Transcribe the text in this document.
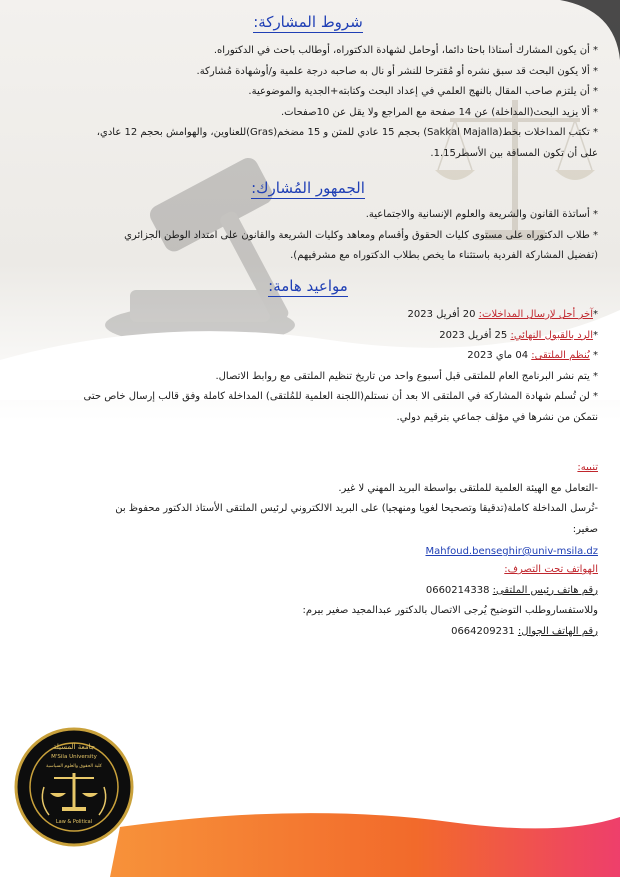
شروط المشاركة:

* أن يكون المشارك أستاذا باحثا دائما، أوحامل لشهادة الدكتوراه، أوطالب باحث في الدكتوراه.

* ألا يكون البحث قد سبق نشره أو مُقترحا للنشر أو نال به صاحبه درجة علمية و/أوشهادة مُشاركة.

* أن يلتزم صاحب المقال بالنهج العلمي في إعداد البحث وكتابته+الجدية والموضوعية.

* ألا يزيد البحث(المداخلة) عن 14 صفحة مع المراجع ولا يقل عن 10صفحات.

* تكتب المداخلات بخط(Sakkal Majalla) بحجم 15 عادي للمتن و 15 مضخم(Gras)للعناوين، والهوامش بحجم 12 عادي،

على أن تكون المسافة بين الأسطر1.15.

الجمهور المُشارك:

* أساتذة القانون والشريعة والعلوم الإنسانية والاجتماعية.

* طلاب الدكتوراه على مستوى كليات الحقوق وأقسام ومعاهد وكليات الشريعة والقانون على امتداد الوطن الجزائري

(تفضيل المشاركة الفردية باستثناء ما يخص بطلاب الدكتوراه مع مشرفيهم).

مواعيد هامة:

*آخر أجل لإرسال المداخلات: 20 أفريل 2023

*الرد بالقبول النهائي: 25 أفريل 2023

* يُنظم الملتقى: 04 ماي 2023

* يتم نشر البرنامج العام للملتقى قبل أسبوع واحد من تاريخ تنظيم الملتقى مع روابط الاتصال.

* لن تُسلم شهادة المشاركة في الملتقى الا بعد أن نستلم(اللجنة العلمية للمُلتقى) المداخلة كاملة وفق قالب إرسال خاص حتى

نتمكن من نشرها في مؤلف جماعي بترقيم دولي.

تنبيه:

-التعامل مع الهيئة العلمية للملتقى بواسطة البريد المهني لا غير.

-تُرسل المداخلة كاملة(تدقيقا وتصحيحا لغويا ومنهجيا) على البريد الالكتروني لرئيس الملتقى الأستاذ الدكتور محفوظ بن

صغير:

Mahfoud.benseghir@univ-msila.dz

الهواتف تحت التصرف:

رقم هاتف رئيس الملتقى: 0660214338

وللاستفساروطلب التوضيح يُرجى الاتصال بالدكتور عبدالمجيد صغير بيرم:

رقم الهاتف الجوال: 0664209231

جامعة المسيلة
M'Sila University
كلية الحقوق والعلوم السياسية
Law & Political
